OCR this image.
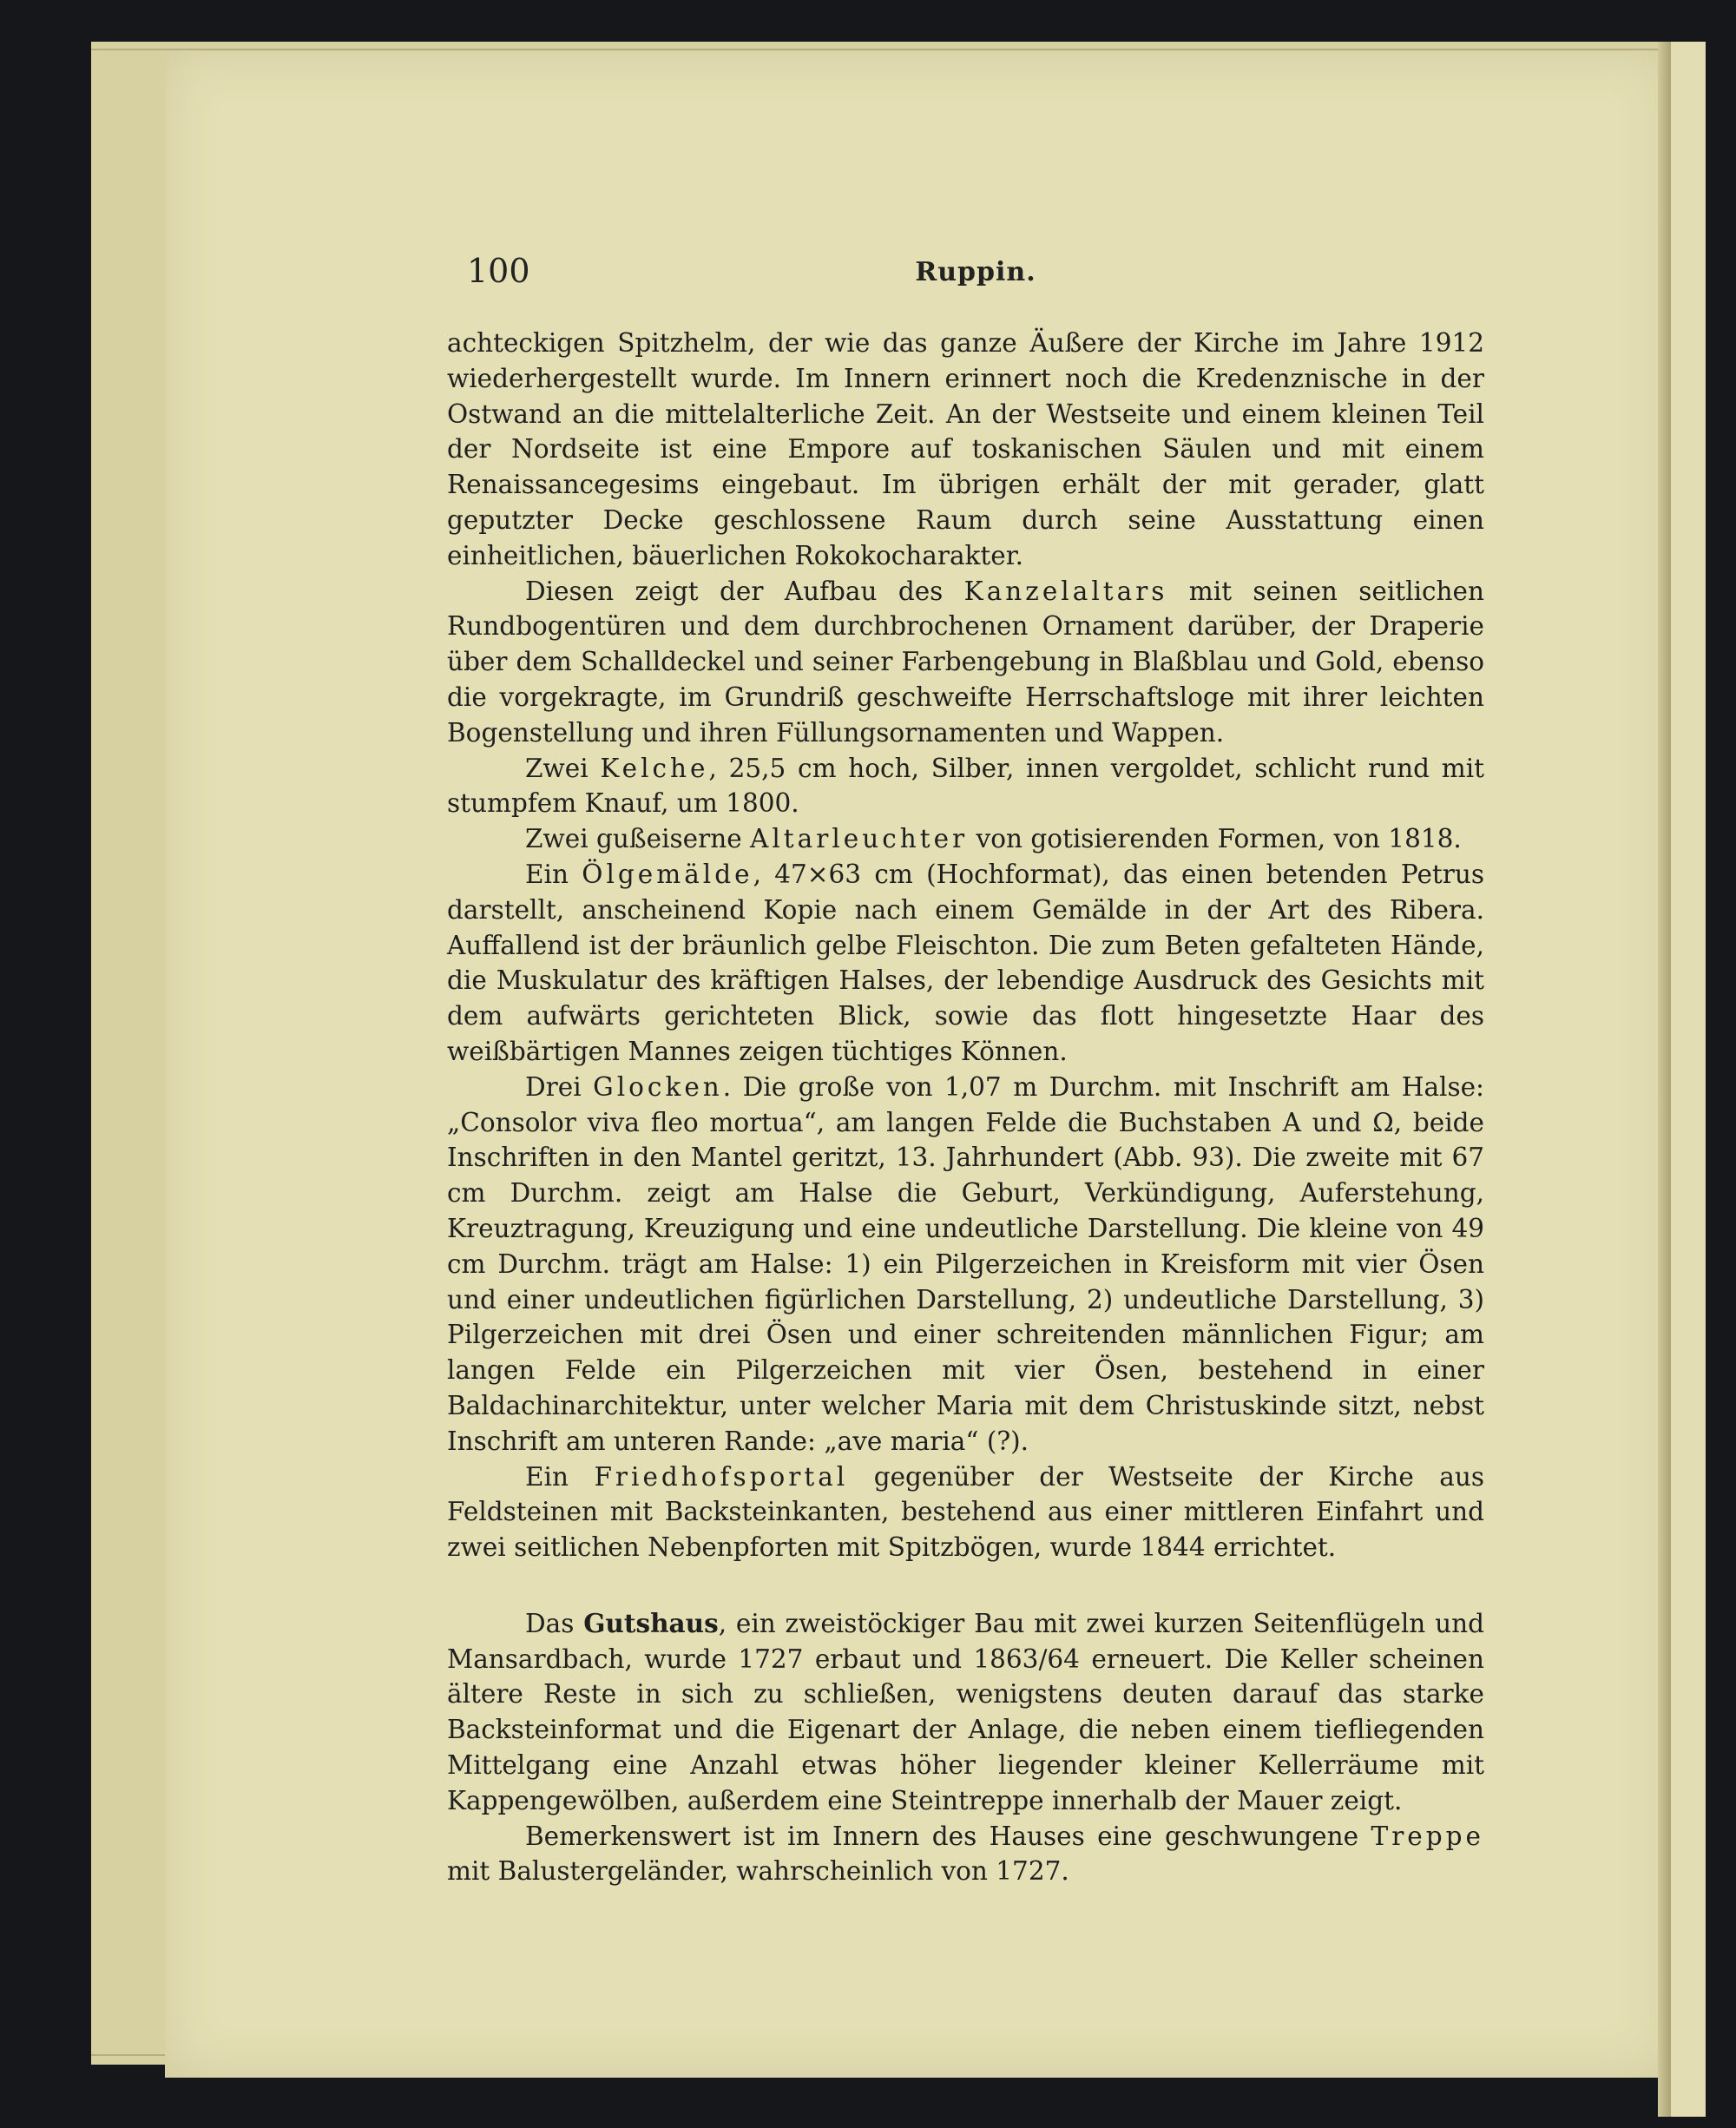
100	Ruppin.

achteckigen Spitzhelm, der wie das ganze Äußere der Kirche im Jahre 1912 wiederhergestellt wurde. Im Innern erinnert noch die Kredenznische in der Ostwand an die mittelalterliche Zeit. An der Westseite und einem kleinen Teil der Nordseite ist eine Empore auf toskanischen Säulen und mit einem Renaissancegesims eingebaut. Im übrigen erhält der mit gerader, glatt geputzter Decke geschlossene Raum durch seine Ausstattung einen einheitlichen, bäuerlichen Rokokocharakter.

Diesen zeigt der Aufbau des Kanzelaltars mit seinen seitlichen Rundbogentüren und dem durchbrochenen Ornament darüber, der Draperie über dem Schalldeckel und seiner Farbengebung in Blaßblau und Gold, ebenso die vorgekragte, im Grundriß geschweifte Herrschaftsloge mit ihrer leichten Bogenstellung und ihren Füllungsornamenten und Wappen.

Zwei Kelche, 25,5 cm hoch, Silber, innen vergoldet, schlicht rund mit stumpfem Knauf, um 1800.

Zwei gußeiserne Altarleuchter von gotisierenden Formen, von 1818.

Ein Ölgemälde, 47×63 cm (Hochformat), das einen betenden Petrus darstellt, anscheinend Kopie nach einem Gemälde in der Art des Ribera. Auffallend ist der bräunlich gelbe Fleischton. Die zum Beten gefalteten Hände, die Muskulatur des kräftigen Halses, der lebendige Ausdruck des Gesichts mit dem aufwärts gerichteten Blick, sowie das flott hingesetzte Haar des weißbärtigen Mannes zeigen tüchtiges Können.

Drei Glocken. Die große von 1,07 m Durchm. mit Inschrift am Halse: „Consolor viva fleo mortua“, am langen Felde die Buchstaben A und Ω, beide Inschriften in den Mantel geritzt, 13. Jahrhundert (Abb. 93). Die zweite mit 67 cm Durchm. zeigt am Halse die Geburt, Verkündigung, Auferstehung, Kreuztragung, Kreuzigung und eine undeutliche Darstellung. Die kleine von 49 cm Durchm. trägt am Halse: 1) ein Pilgerzeichen in Kreisform mit vier Ösen und einer undeutlichen figürlichen Darstellung, 2) undeutliche Darstellung, 3) Pilgerzeichen mit drei Ösen und einer schreitenden männlichen Figur; am langen Felde ein Pilgerzeichen mit vier Ösen, bestehend in einer Baldachinarchitektur, unter welcher Maria mit dem Christuskinde sitzt, nebst Inschrift am unteren Rande: „ave maria“ (?).

Ein Friedhofsportal gegenüber der Westseite der Kirche aus Feldsteinen mit Backsteinkanten, bestehend aus einer mittleren Einfahrt und zwei seitlichen Nebenpforten mit Spitzbögen, wurde 1844 errichtet.

Das Gutshaus, ein zweistöckiger Bau mit zwei kurzen Seitenflügeln und Mansardbach, wurde 1727 erbaut und 1863/64 erneuert. Die Keller scheinen ältere Reste in sich zu schließen, wenigstens deuten darauf das starke Backsteinformat und die Eigenart der Anlage, die neben einem tiefliegenden Mittelgang eine Anzahl etwas höher liegender kleiner Kellerräume mit Kappengewölben, außerdem eine Steintreppe innerhalb der Mauer zeigt.

Bemerkenswert ist im Innern des Hauses eine geschwungene Treppe mit Balustergeländer, wahrscheinlich von 1727.
